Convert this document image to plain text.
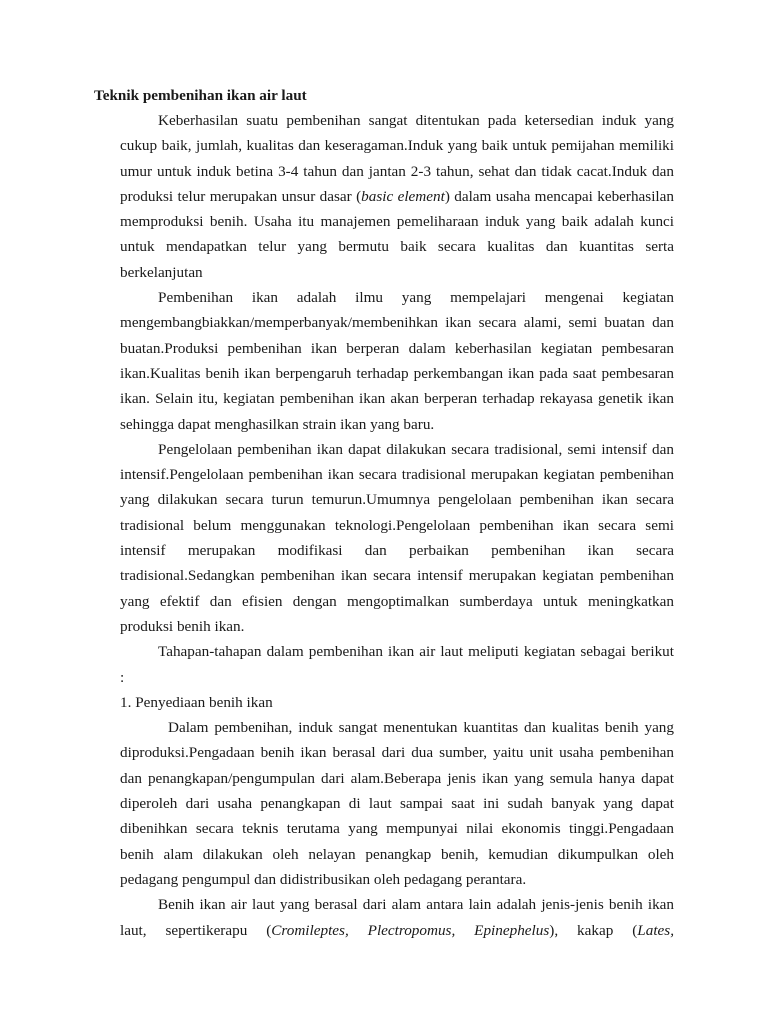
Teknik pembenihan ikan air laut

Keberhasilan suatu pembenihan sangat ditentukan pada ketersedian induk yang cukup baik, jumlah, kualitas dan keseragaman.Induk yang baik untuk pemijahan memiliki umur untuk induk betina 3-4 tahun dan jantan 2-3 tahun, sehat dan tidak cacat.Induk dan produksi telur merupakan unsur dasar (basic element) dalam usaha mencapai keberhasilan memproduksi benih. Usaha itu manajemen pemeliharaan induk yang baik adalah kunci untuk mendapatkan telur yang bermutu baik secara kualitas dan kuantitas serta berkelanjutan

Pembenihan ikan adalah ilmu yang mempelajari mengenai kegiatan mengembangbiakkan/memperbanyak/membenihkan ikan secara alami, semi buatan dan buatan.Produksi pembenihan ikan berperan dalam keberhasilan kegiatan pembesaran ikan.Kualitas benih ikan berpengaruh terhadap perkembangan ikan pada saat pembesaran ikan. Selain itu, kegiatan pembenihan ikan akan berperan terhadap rekayasa genetik ikan sehingga dapat menghasilkan strain ikan yang baru.

Pengelolaan pembenihan ikan dapat dilakukan secara tradisional, semi intensif dan intensif.Pengelolaan pembenihan ikan secara tradisional merupakan kegiatan pembenihan yang dilakukan secara turun temurun.Umumnya pengelolaan pembenihan ikan secara tradisional belum menggunakan teknologi.Pengelolaan pembenihan ikan secara semi intensif merupakan modifikasi dan perbaikan pembenihan ikan secara tradisional.Sedangkan pembenihan ikan secara intensif merupakan kegiatan pembenihan yang efektif dan efisien dengan mengoptimalkan sumberdaya untuk meningkatkan produksi benih ikan.

Tahapan-tahapan dalam pembenihan ikan air laut meliputi kegiatan sebagai berikut

:

1. Penyediaan benih ikan

Dalam pembenihan, induk sangat menentukan kuantitas dan kualitas benih yang diproduksi.Pengadaan benih ikan berasal dari dua sumber, yaitu unit usaha pembenihan dan penangkapan/pengumpulan dari alam.Beberapa jenis ikan yang semula hanya dapat diperoleh dari usaha penangkapan di laut sampai saat ini sudah banyak yang dapat dibenihkan secara teknis terutama yang mempunyai nilai ekonomis tinggi.Pengadaan benih alam dilakukan oleh nelayan penangkap benih, kemudian dikumpulkan oleh pedagang pengumpul dan didistribusikan oleh pedagang perantara.

Benih ikan air laut yang berasal dari alam antara lain adalah jenis-jenis benih ikan laut, sepertikerapu (Cromileptes, Plectropomus, Epinephelus), kakap (Lates,
